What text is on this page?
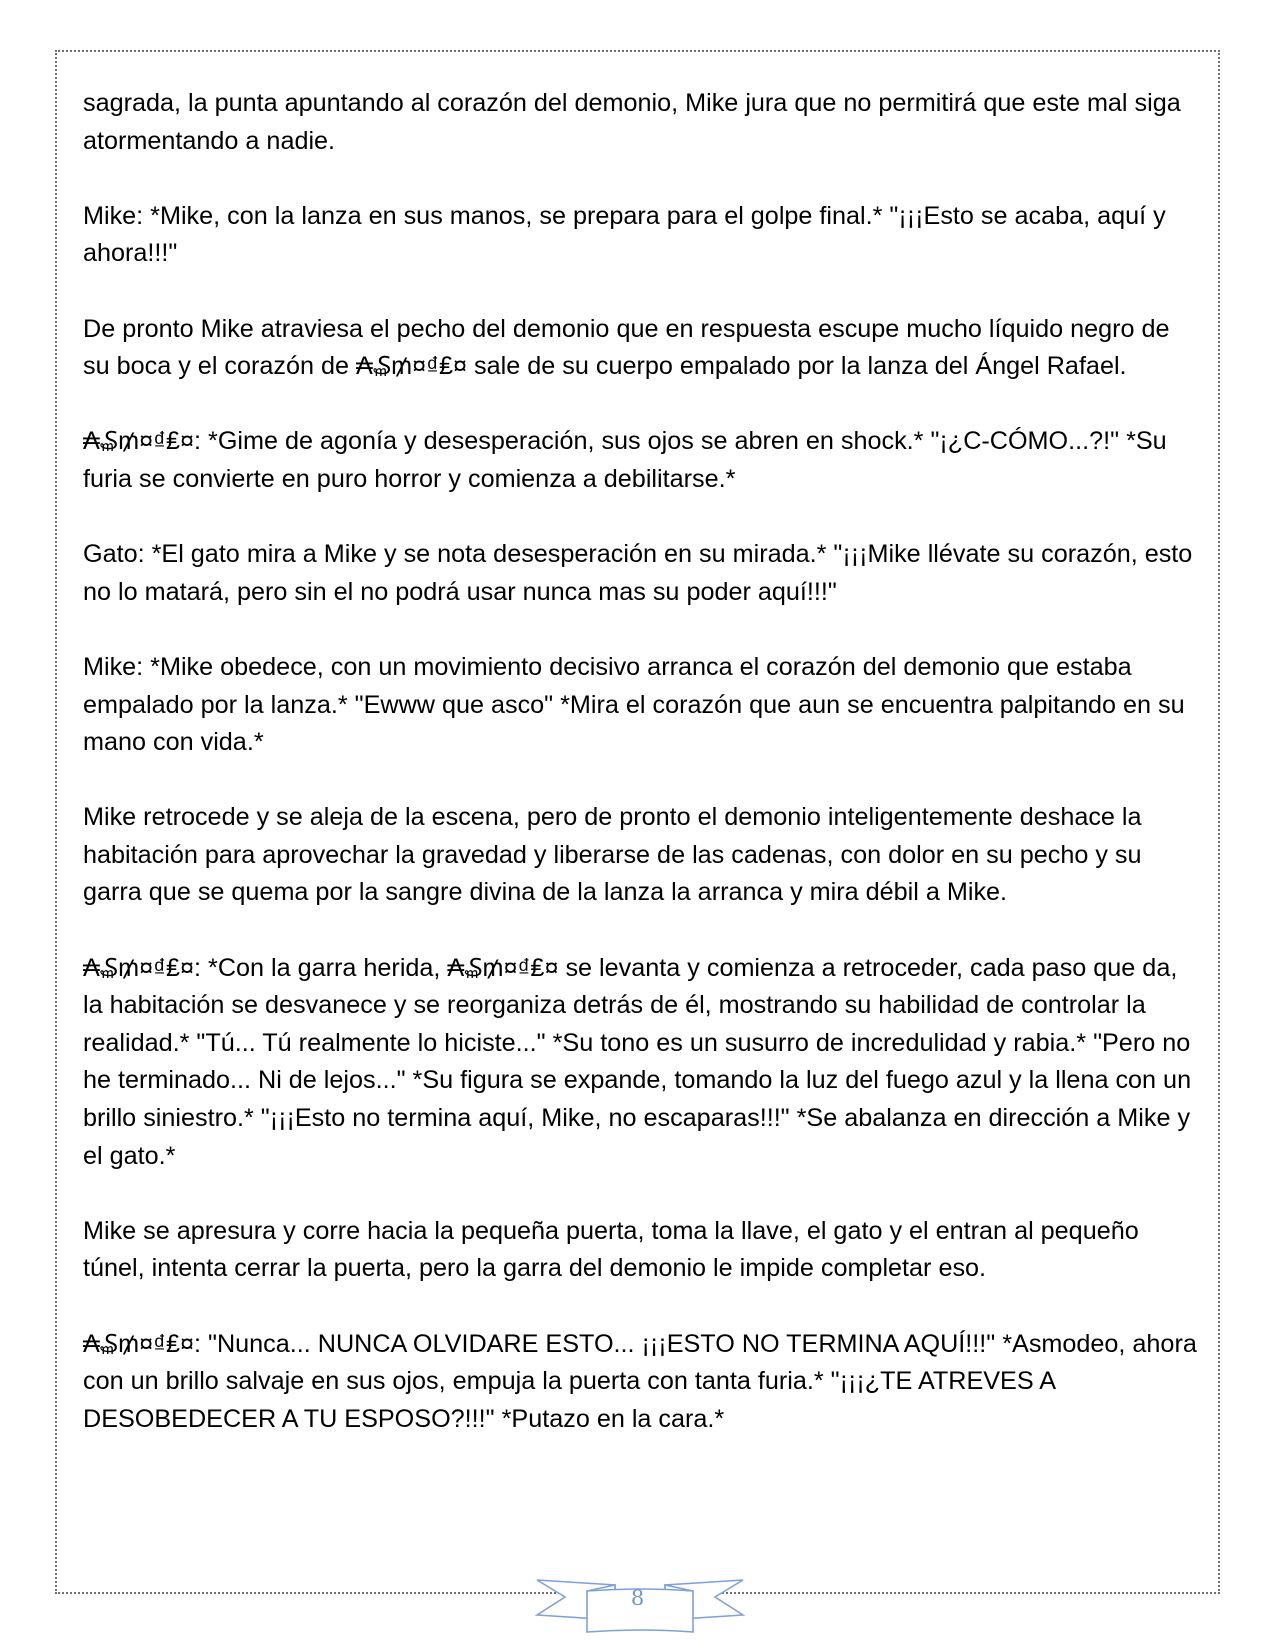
sagrada, la punta apuntando al corazón del demonio, Mike jura que no permitirá que este mal siga atormentando a nadie.

Mike: *Mike, con la lanza en sus manos, se prepara para el golpe final.* "¡¡¡Esto se acaba, aquí y ahora!!!"

De pronto Mike atraviesa el pecho del demonio que en respuesta escupe mucho líquido negro de su boca y el corazón de ₳₷₥¤₫₤¤ sale de su cuerpo empalado por la lanza del Ángel Rafael.

₳₷₥¤₫₤¤: *Gime de agonía y desesperación, sus ojos se abren en shock.* "¡¿C-CÓMO...?!" *Su furia se convierte en puro horror y comienza a debilitarse.*

Gato: *El gato mira a Mike y se nota desesperación en su mirada.* "¡¡¡Mike llévate su corazón, esto no lo matará, pero sin el no podrá usar nunca mas su poder aquí!!!"

Mike: *Mike obedece, con un movimiento decisivo arranca el corazón del demonio que estaba empalado por la lanza.* "Ewww que asco" *Mira el corazón que aun se encuentra palpitando en su mano con vida.*

Mike retrocede y se aleja de la escena, pero de pronto el demonio inteligentemente deshace la habitación para aprovechar la gravedad y liberarse de las cadenas, con dolor en su pecho y su garra que se quema por la sangre divina de la lanza la arranca y mira débil a Mike.

₳₷₥¤₫₤¤: *Con la garra herida, ₳₷₥¤₫₤¤ se levanta y comienza a retroceder, cada paso que da, la habitación se desvanece y se reorganiza detrás de él, mostrando su habilidad de controlar la realidad.* "Tú... Tú realmente lo hiciste..." *Su tono es un susurro de incredulidad y rabia.* "Pero no he terminado... Ni de lejos..." *Su figura se expande, tomando la luz del fuego azul y la llena con un brillo siniestro.* "¡¡¡Esto no termina aquí, Mike, no escaparas!!!" *Se abalanza en dirección a Mike y el gato.*

Mike se apresura y corre hacia la pequeña puerta, toma la llave, el gato y el entran al pequeño túnel, intenta cerrar la puerta, pero la garra del demonio le impide completar eso.

₳₷₥¤₫₤¤: "Nunca... NUNCA OLVIDARE ESTO... ¡¡¡ESTO NO TERMINA AQUÍ!!!" *Asmodeo, ahora con un brillo salvaje en sus ojos, empuja la puerta con tanta furia.* "¡¡¡¿TE ATREVES A DESOBEDECER A TU ESPOSO?!!!" *Putazo en la cara.*

8
